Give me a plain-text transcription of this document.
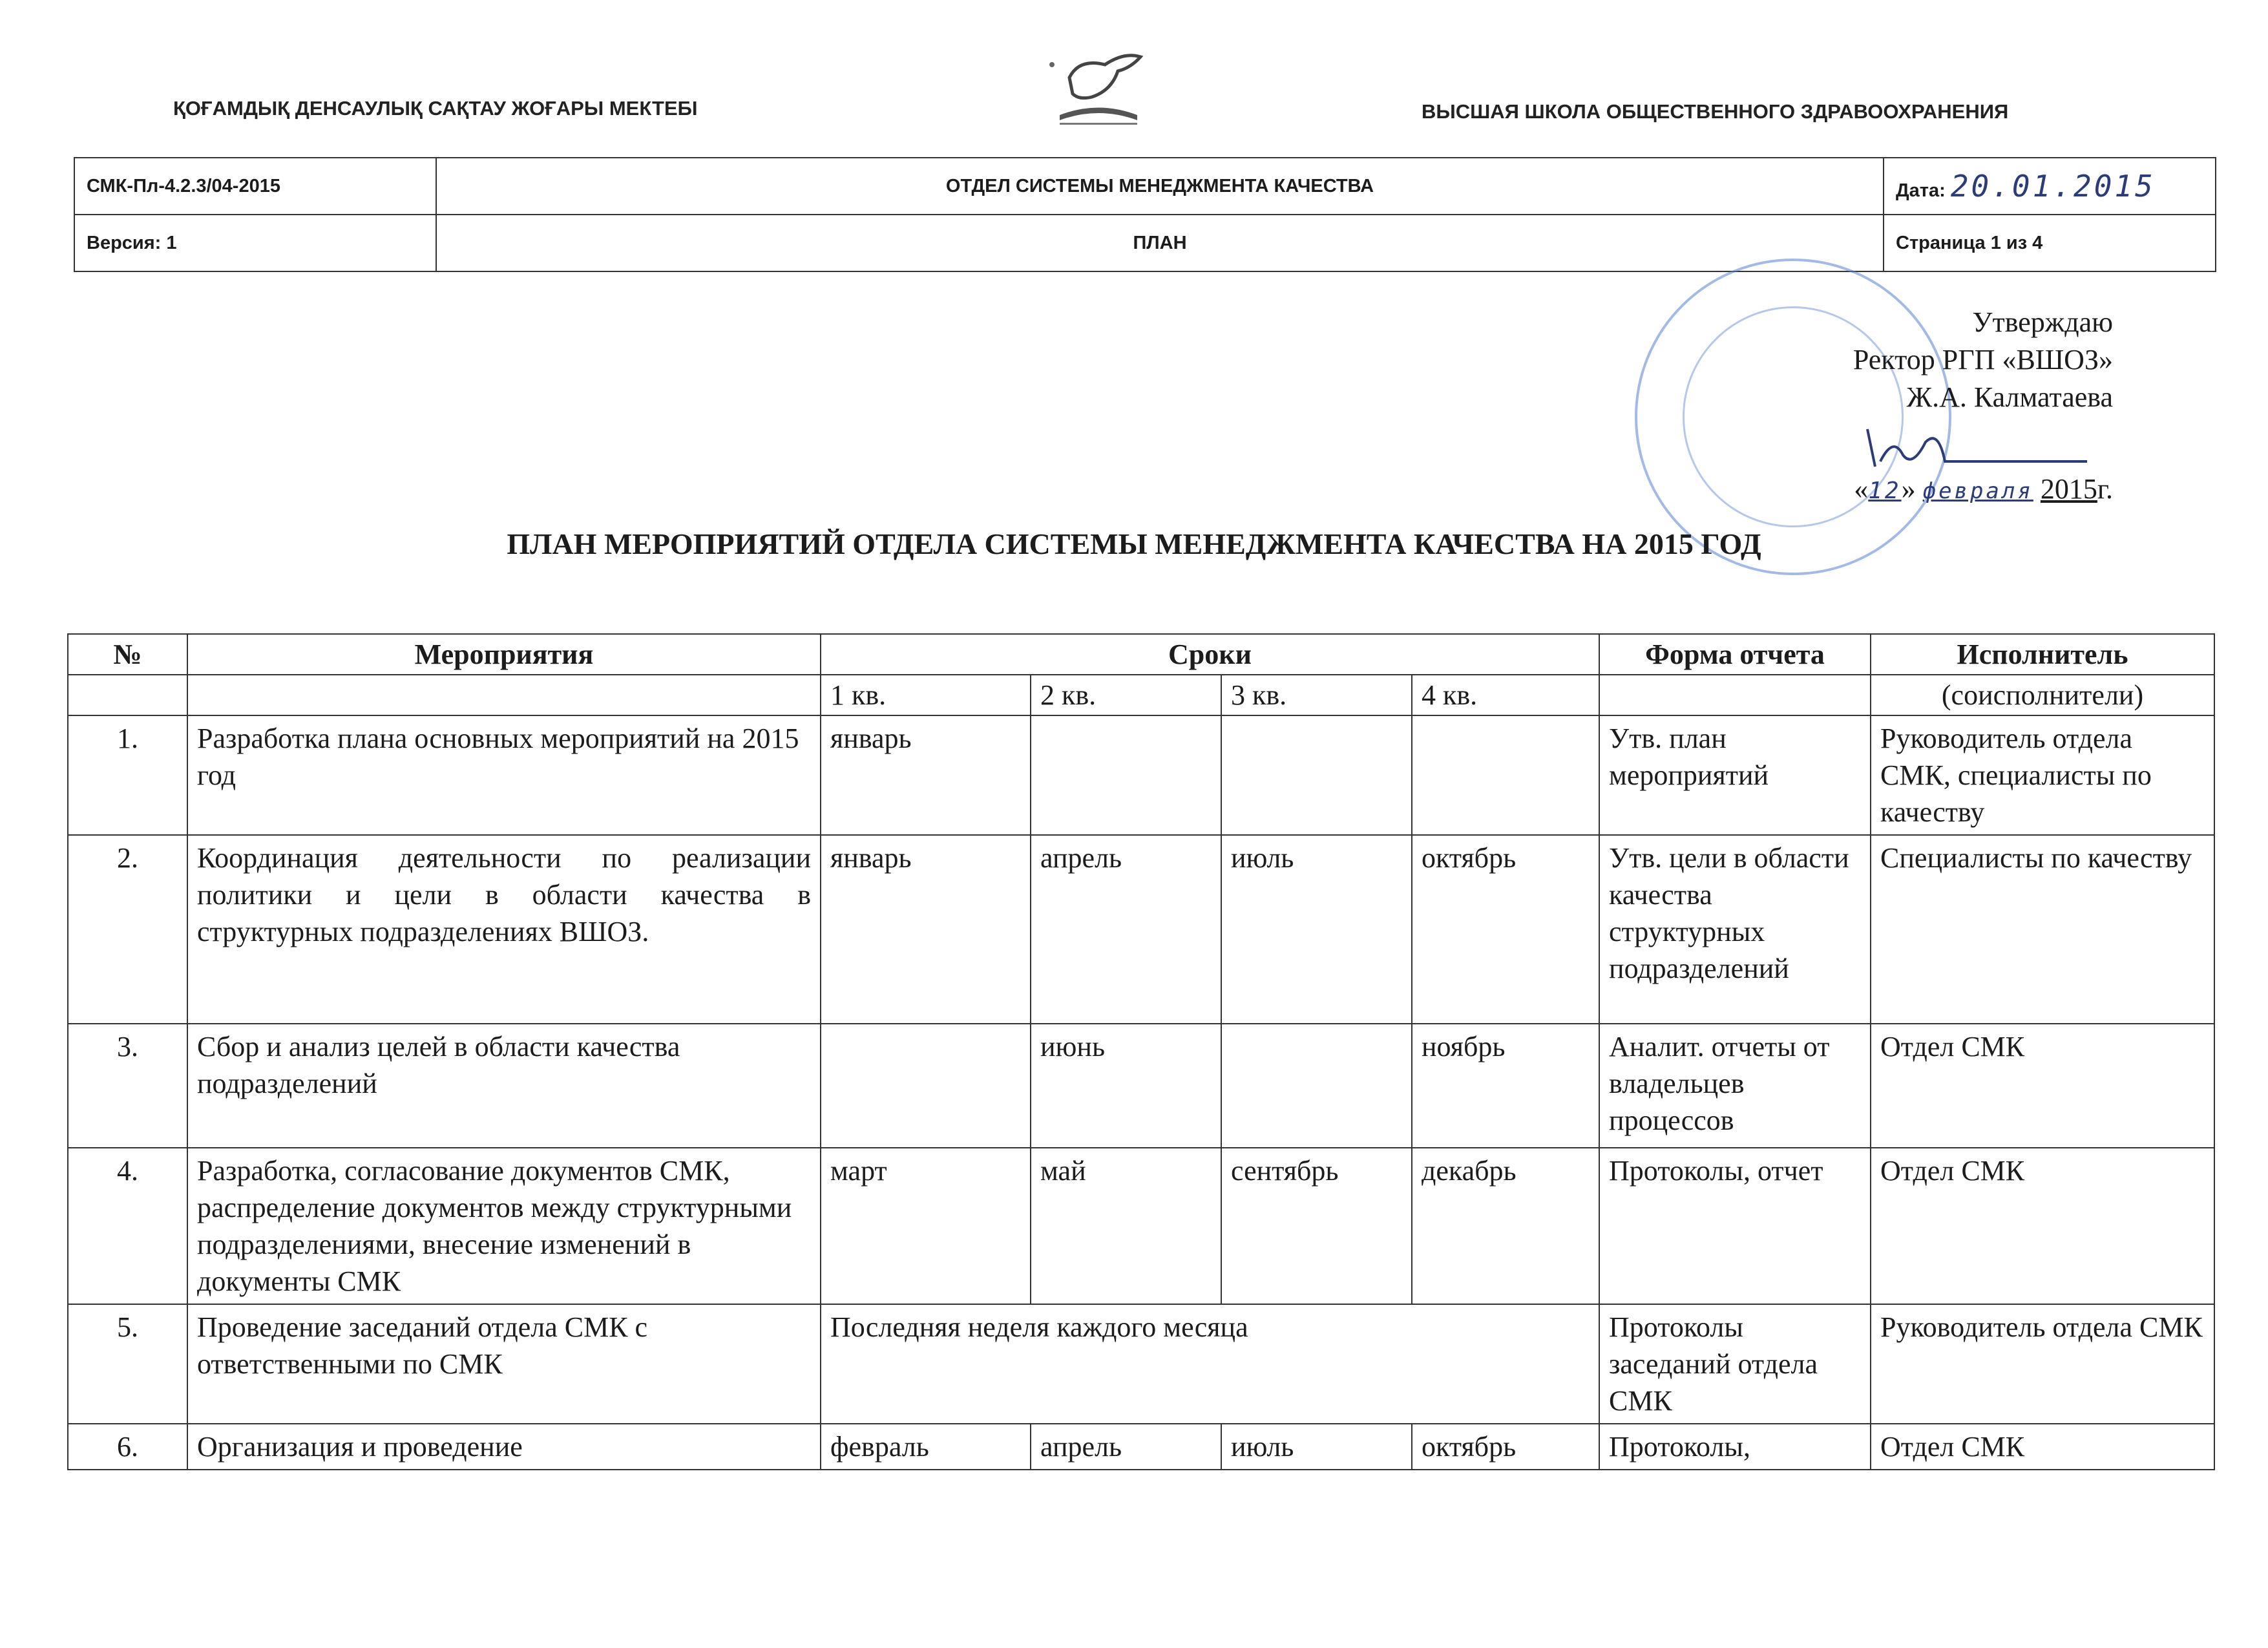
ҚОҒАМДЫҚ ДЕНСАУЛЫҚ САҚТАУ ЖОҒАРЫ МЕКТЕБІ	ВЫСШАЯ ШКОЛА ОБЩЕСТВЕННОГО ЗДРАВООХРАНЕНИЯ
СМК-Пл-4.2.3/04-2015	ОТДЕЛ СИСТЕМЫ МЕНЕДЖМЕНТА КАЧЕСТВА	Дата: 20.01.2015
Версия: 1	ПЛАН	Страница 1 из 4
Утверждаю
Ректор РГП «ВШОЗ»
Ж.А. Калматаева
«12» февраля 2015г.
ПЛАН МЕРОПРИЯТИЙ ОТДЕЛА СИСТЕМЫ МЕНЕДЖМЕНТА КАЧЕСТВА НА 2015 ГОД
№	Мероприятия	Сроки				Форма отчета	Исполнитель
		1 кв.	2 кв.	3 кв.	4 кв.		(соисполнители)
1.	Разработка плана основных мероприятий на 2015 год	январь				Утв. план мероприятий	Руководитель отдела СМК, специалисты по качеству
2.	Координация деятельности по реализации политики и цели в области качества в структурных подразделениях ВШОЗ.	январь	апрель	июль	октябрь	Утв. цели в области качества структурных подразделений	Специалисты по качеству
3.	Сбор и анализ целей в области качества подразделений		июнь		ноябрь	Аналит. отчеты от владельцев процессов	Отдел СМК
4.	Разработка, согласование документов СМК, распределение документов между структурными подразделениями, внесение изменений в документы СМК	март	май	сентябрь	декабрь	Протоколы, отчет	Отдел СМК
5.	Проведение заседаний отдела СМК с ответственными по СМК	Последняя неделя каждого месяца				Протоколы заседаний отдела СМК	Руководитель отдела СМК
6.	Организация и проведение	февраль	апрель	июль	октябрь	Протоколы,	Отдел СМК
